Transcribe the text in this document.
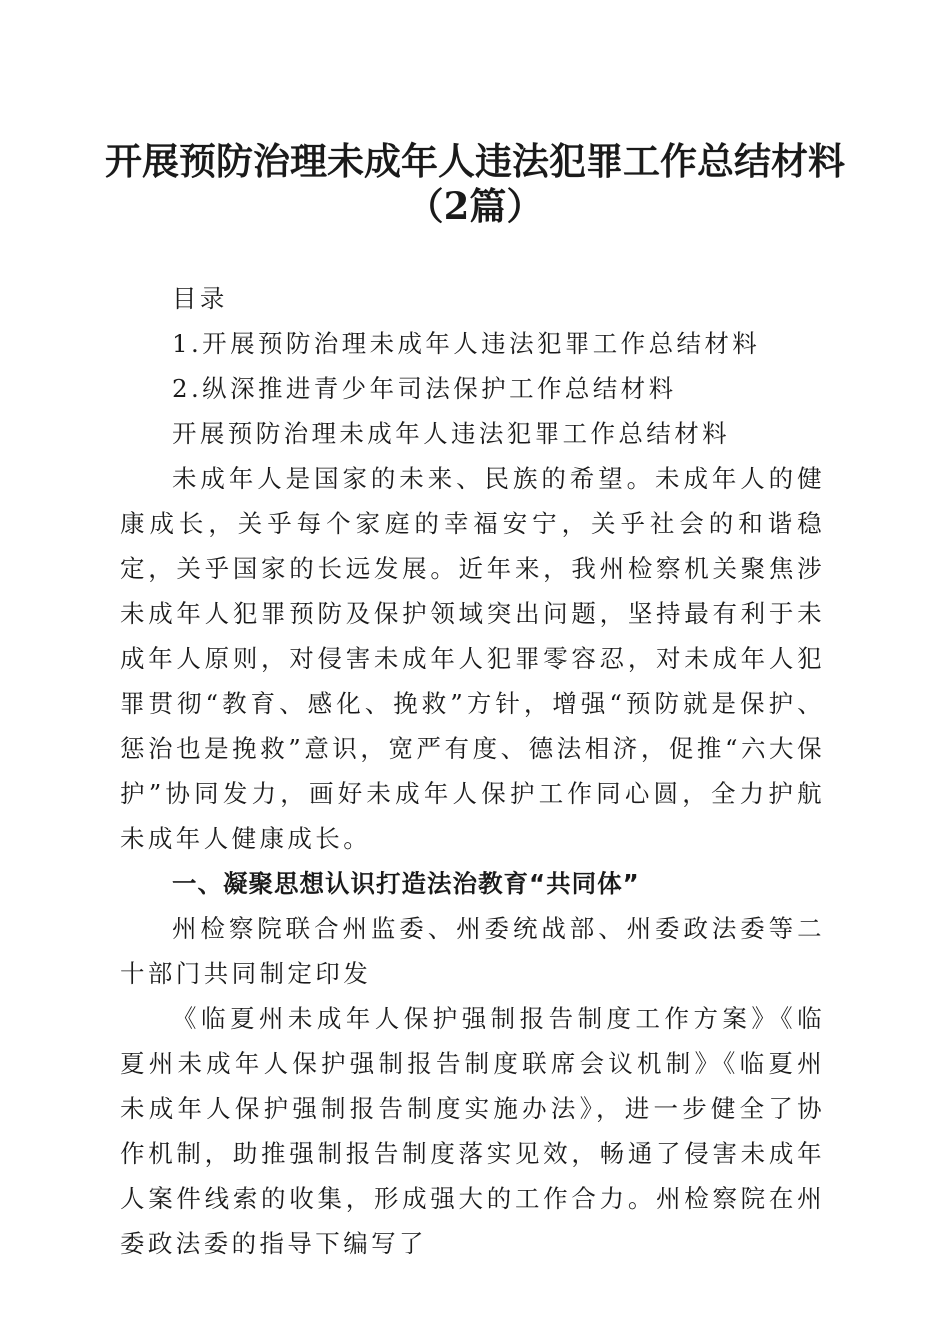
开展预防治理未成年人违法犯罪工作总结材料
（2篇）

目录

1.开展预防治理未成年人违法犯罪工作总结材料

2.纵深推进青少年司法保护工作总结材料

开展预防治理未成年人违法犯罪工作总结材料

未成年人是国家的未来、民族的希望。未成年人的健康成长，关乎每个家庭的幸福安宁，关乎社会的和谐稳定，关乎国家的长远发展。近年来，我州检察机关聚焦涉未成年人犯罪预防及保护领域突出问题，坚持最有利于未成年人原则，对侵害未成年人犯罪零容忍，对未成年人犯罪贯彻“教育、感化、挽救”方针，增强“预防就是保护、惩治也是挽救”意识，宽严有度、德法相济，促推“六大保护”协同发力，画好未成年人保护工作同心圆，全力护航未成年人健康成长。

一、凝聚思想认识打造法治教育“共同体”

州检察院联合州监委、州委统战部、州委政法委等二十部门共同制定印发

《临夏州未成年人保护强制报告制度工作方案》《临夏州未成年人保护强制报告制度联席会议机制》《临夏州未成年人保护强制报告制度实施办法》，进一步健全了协作机制，助推强制报告制度落实见效，畅通了侵害未成年人案件线索的收集，形成强大的工作合力。州检察院在州委政法委的指导下编写了
